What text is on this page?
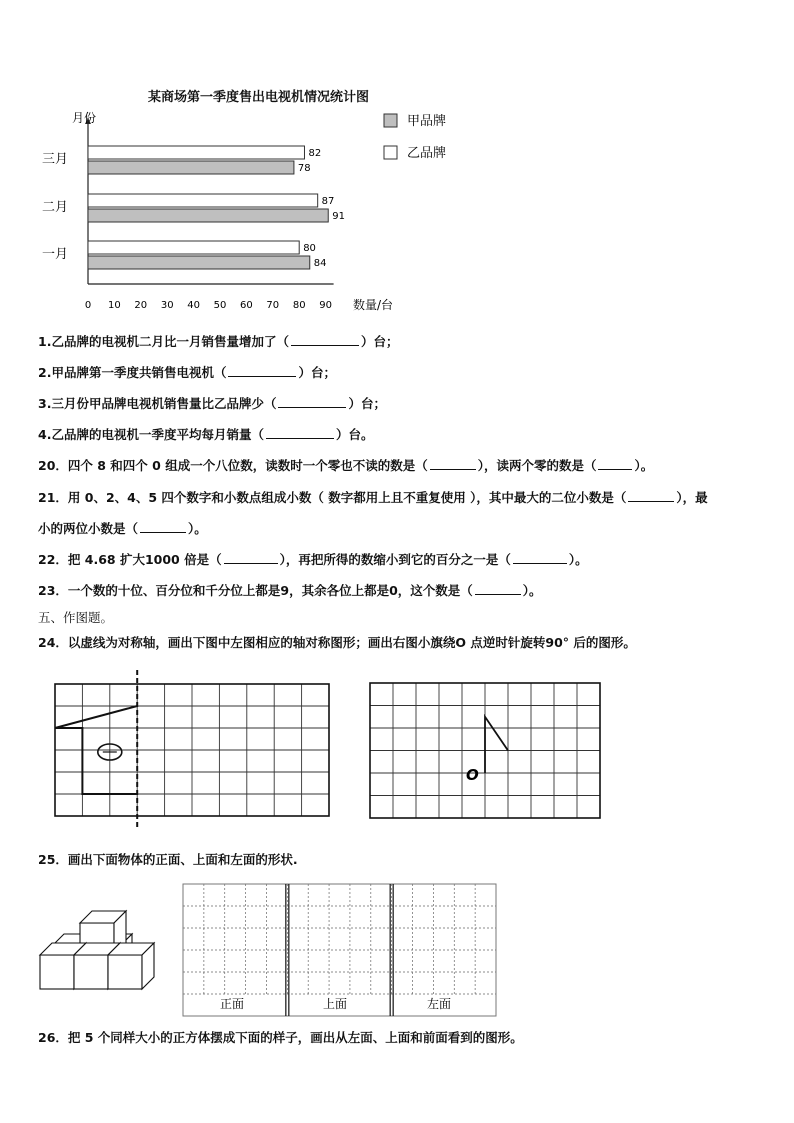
某商场第一季度售出电视机情况统计图
月份
数量/台
0 10 20 30 40 50 60 70 80 90
三月	82
78
二月	87
91
一月	80
84
甲品牌
乙品牌
1.乙品牌的电视机二月比一月销售量增加了（	）台；
2.甲品牌第一季度共销售电视机（	）台；
3.三月份甲品牌电视机销售量比乙品牌少（	）台；
4.乙品牌的电视机一季度平均每月销量（	）台。
20．四个 8 和四个 0 组成一个八位数，读数时一个零也不读的数是（	），读两个零的数是（	）。
21．用 0、2、4、5 四个数字和小数点组成小数（ 数字都用上且不重复使用 ），其中最大的二位小数是（	），最
小的两位小数是（	）。
22．把 4.68 扩大1000 倍是（	），再把所得的数缩小到它的百分之一是（	）。
23．一个数的十位、百分位和千分位上都是9，其余各位上都是0，这个数是（	）。
五、作图题。
24．以虚线为对称轴，画出下图中左图相应的轴对称图形；画出右图小旗绕O 点逆时针旋转90° 后的图形。
O
正面	上面	左面
25．画出下面物体的正面、上面和左面的形状.
26．把 5 个同样大小的正方体摆成下面的样子，画出从左面、上面和前面看到的图形。
